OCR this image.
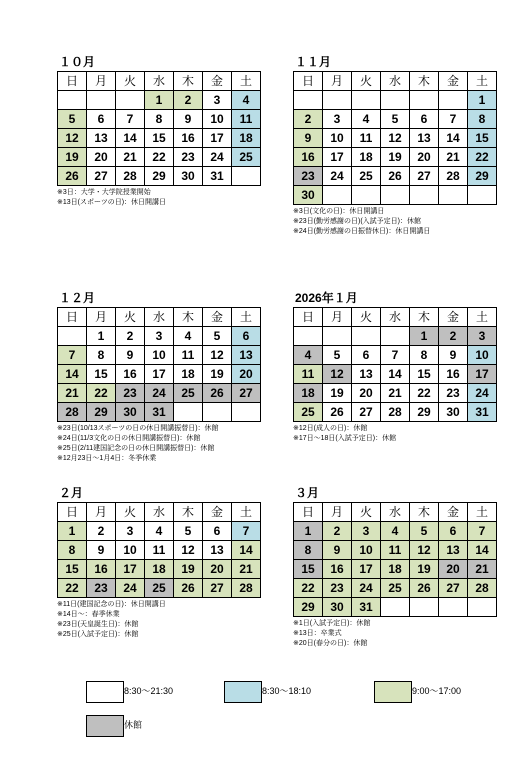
１０月
日	月	火	水	木	金	土
			1	2	3	4
5	6	7	8	9	10	11
12	13	14	15	16	17	18
19	20	21	22	23	24	25
26	27	28	29	30	31	
※3日：大学・大学院授業開始
※13日(スポーツの日)：休日開講日
１１月
日	月	火	水	木	金	土
						1
2	3	4	5	6	7	8
9	10	11	12	13	14	15
16	17	18	19	20	21	22
23	24	25	26	27	28	29
30						
※3日(文化の日)：休日開講日
※23日(勤労感謝の日)(入試予定日)：休館
※24日(勤労感謝の日振替休日)：休日開講日
１２月
日	月	火	水	木	金	土
	1	2	3	4	5	6
7	8	9	10	11	12	13
14	15	16	17	18	19	20
21	22	23	24	25	26	27
28	29	30	31			
※23日(10/13スポーツの日の休日開講振替日)：休館
※24日(11/3文化の日の休日開講振替日)：休館
※25日(2/11建国記念の日の休日開講振替日)：休館
※12月23日～1月4日：冬季休業
2026年１月
日	月	火	水	木	金	土
				1	2	3
4	5	6	7	8	9	10
11	12	13	14	15	16	17
18	19	20	21	22	23	24
25	26	27	28	29	30	31
※12日(成人の日)：休館
※17日～18日(入試予定日)：休館
２月
日	月	火	水	木	金	土
1	2	3	4	5	6	7
8	9	10	11	12	13	14
15	16	17	18	19	20	21
22	23	24	25	26	27	28
※11日(建国記念の日)：休日開講日
※14日～：春季休業
※23日(天皇誕生日)：休館
※25日(入試予定日)：休館
３月
日	月	火	水	木	金	土
1	2	3	4	5	6	7
8	9	10	11	12	13	14
15	16	17	18	19	20	21
22	23	24	25	26	27	28
29	30	31				
※1日(入試予定日)：休館
※13日：卒業式
※20日(春分の日)：休館
8:30～21:30	8:30～18:10	9:00～17:00
休館
